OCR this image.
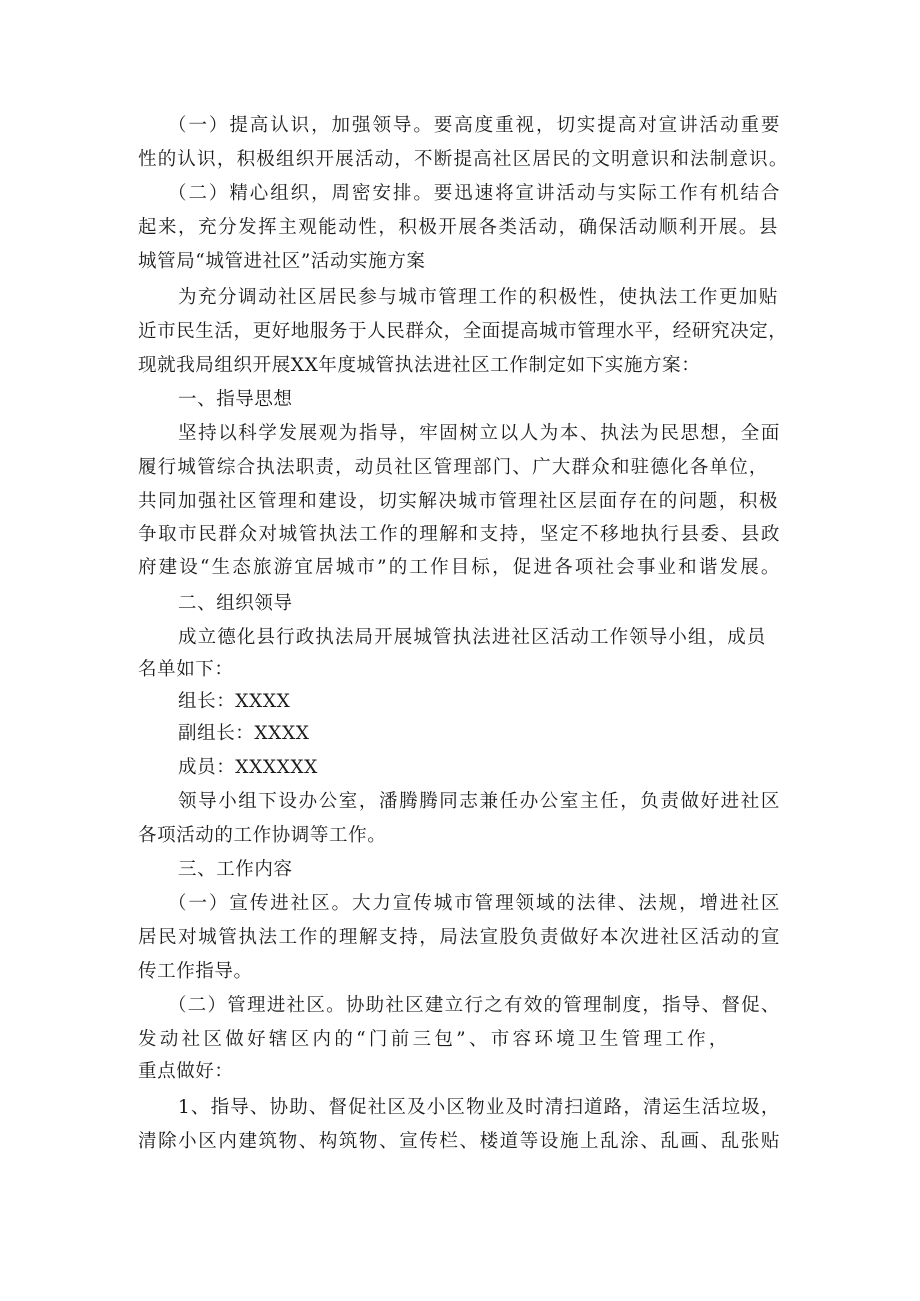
（一）提高认识，加强领导。要高度重视，切实提高对宣讲活动重要
性的认识，积极组织开展活动，不断提高社区居民的文明意识和法制意识。
（二）精心组织，周密安排。要迅速将宣讲活动与实际工作有机结合
起来，充分发挥主观能动性，积极开展各类活动，确保活动顺利开展。县
城管局“城管进社区”活动实施方案
为充分调动社区居民参与城市管理工作的积极性，使执法工作更加贴
近市民生活，更好地服务于人民群众，全面提高城市管理水平，经研究决定，
现就我局组织开展XX年度城管执法进社区工作制定如下实施方案：
一、指导思想
坚持以科学发展观为指导，牢固树立以人为本、执法为民思想，全面
履行城管综合执法职责，动员社区管理部门、广大群众和驻德化各单位，
共同加强社区管理和建设，切实解决城市管理社区层面存在的问题，积极
争取市民群众对城管执法工作的理解和支持，坚定不移地执行县委、县政
府建设“生态旅游宜居城市”的工作目标，促进各项社会事业和谐发展。
二、组织领导
成立德化县行政执法局开展城管执法进社区活动工作领导小组，成员
名单如下：
组长：XXXX
副组长：XXXX
成员：XXXXXX
领导小组下设办公室，潘腾腾同志兼任办公室主任，负责做好进社区
各项活动的工作协调等工作。
三、工作内容
（一）宣传进社区。大力宣传城市管理领域的法律、法规，增进社区
居民对城管执法工作的理解支持，局法宣股负责做好本次进社区活动的宣
传工作指导。
（二）管理进社区。协助社区建立行之有效的管理制度，指导、督促、
发动社区做好辖区内的“门前三包”、市容环境卫生管理工作，
重点做好：
1、指导、协助、督促社区及小区物业及时清扫道路，清运生活垃圾，
清除小区内建筑物、构筑物、宣传栏、楼道等设施上乱涂、乱画、乱张贴
